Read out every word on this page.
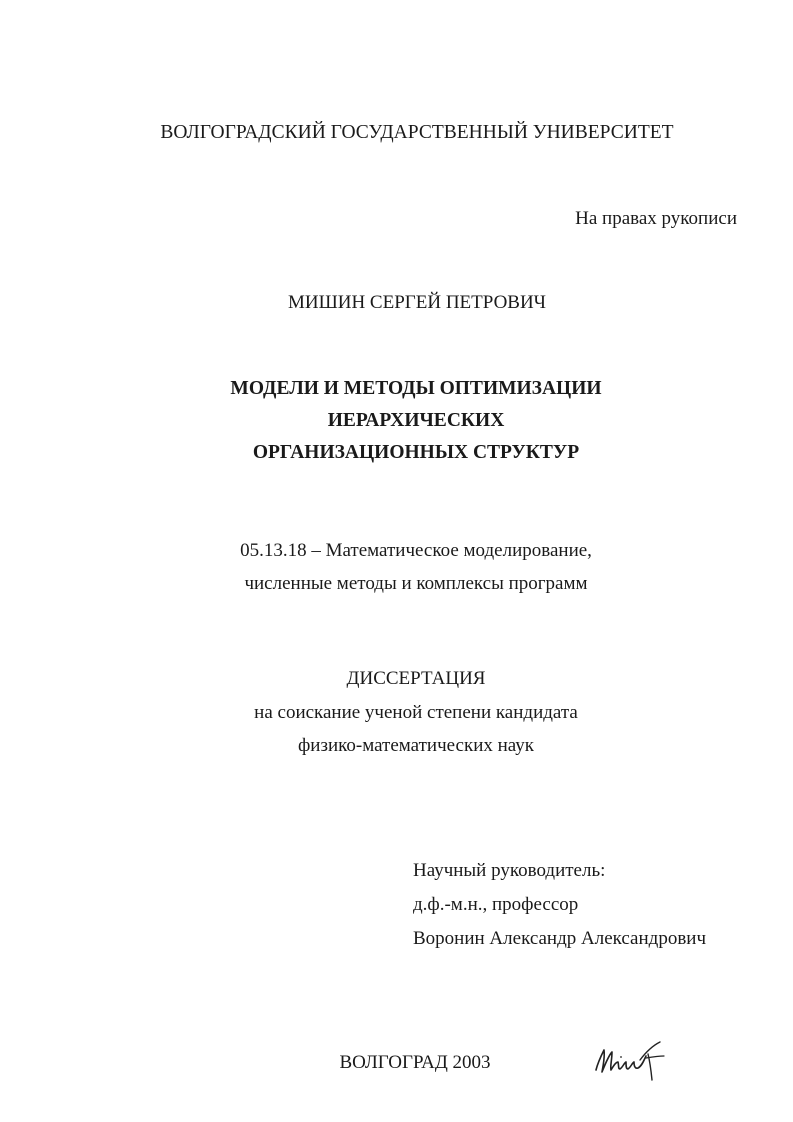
ВОЛГОГРАДСКИЙ ГОСУДАРСТВЕННЫЙ УНИВЕРСИТЕТ
На правах рукописи
МИШИН СЕРГЕЙ ПЕТРОВИЧ
МОДЕЛИ И МЕТОДЫ ОПТИМИЗАЦИИ
ИЕРАРХИЧЕСКИХ
ОРГАНИЗАЦИОННЫХ СТРУКТУР
05.13.18 – Математическое моделирование,
численные методы и комплексы программ
ДИССЕРТАЦИЯ
на соискание ученой степени кандидата
физико-математических наук
Научный руководитель:
д.ф.-м.н., профессор
Воронин Александр Александрович
ВОЛГОГРАД 2003
